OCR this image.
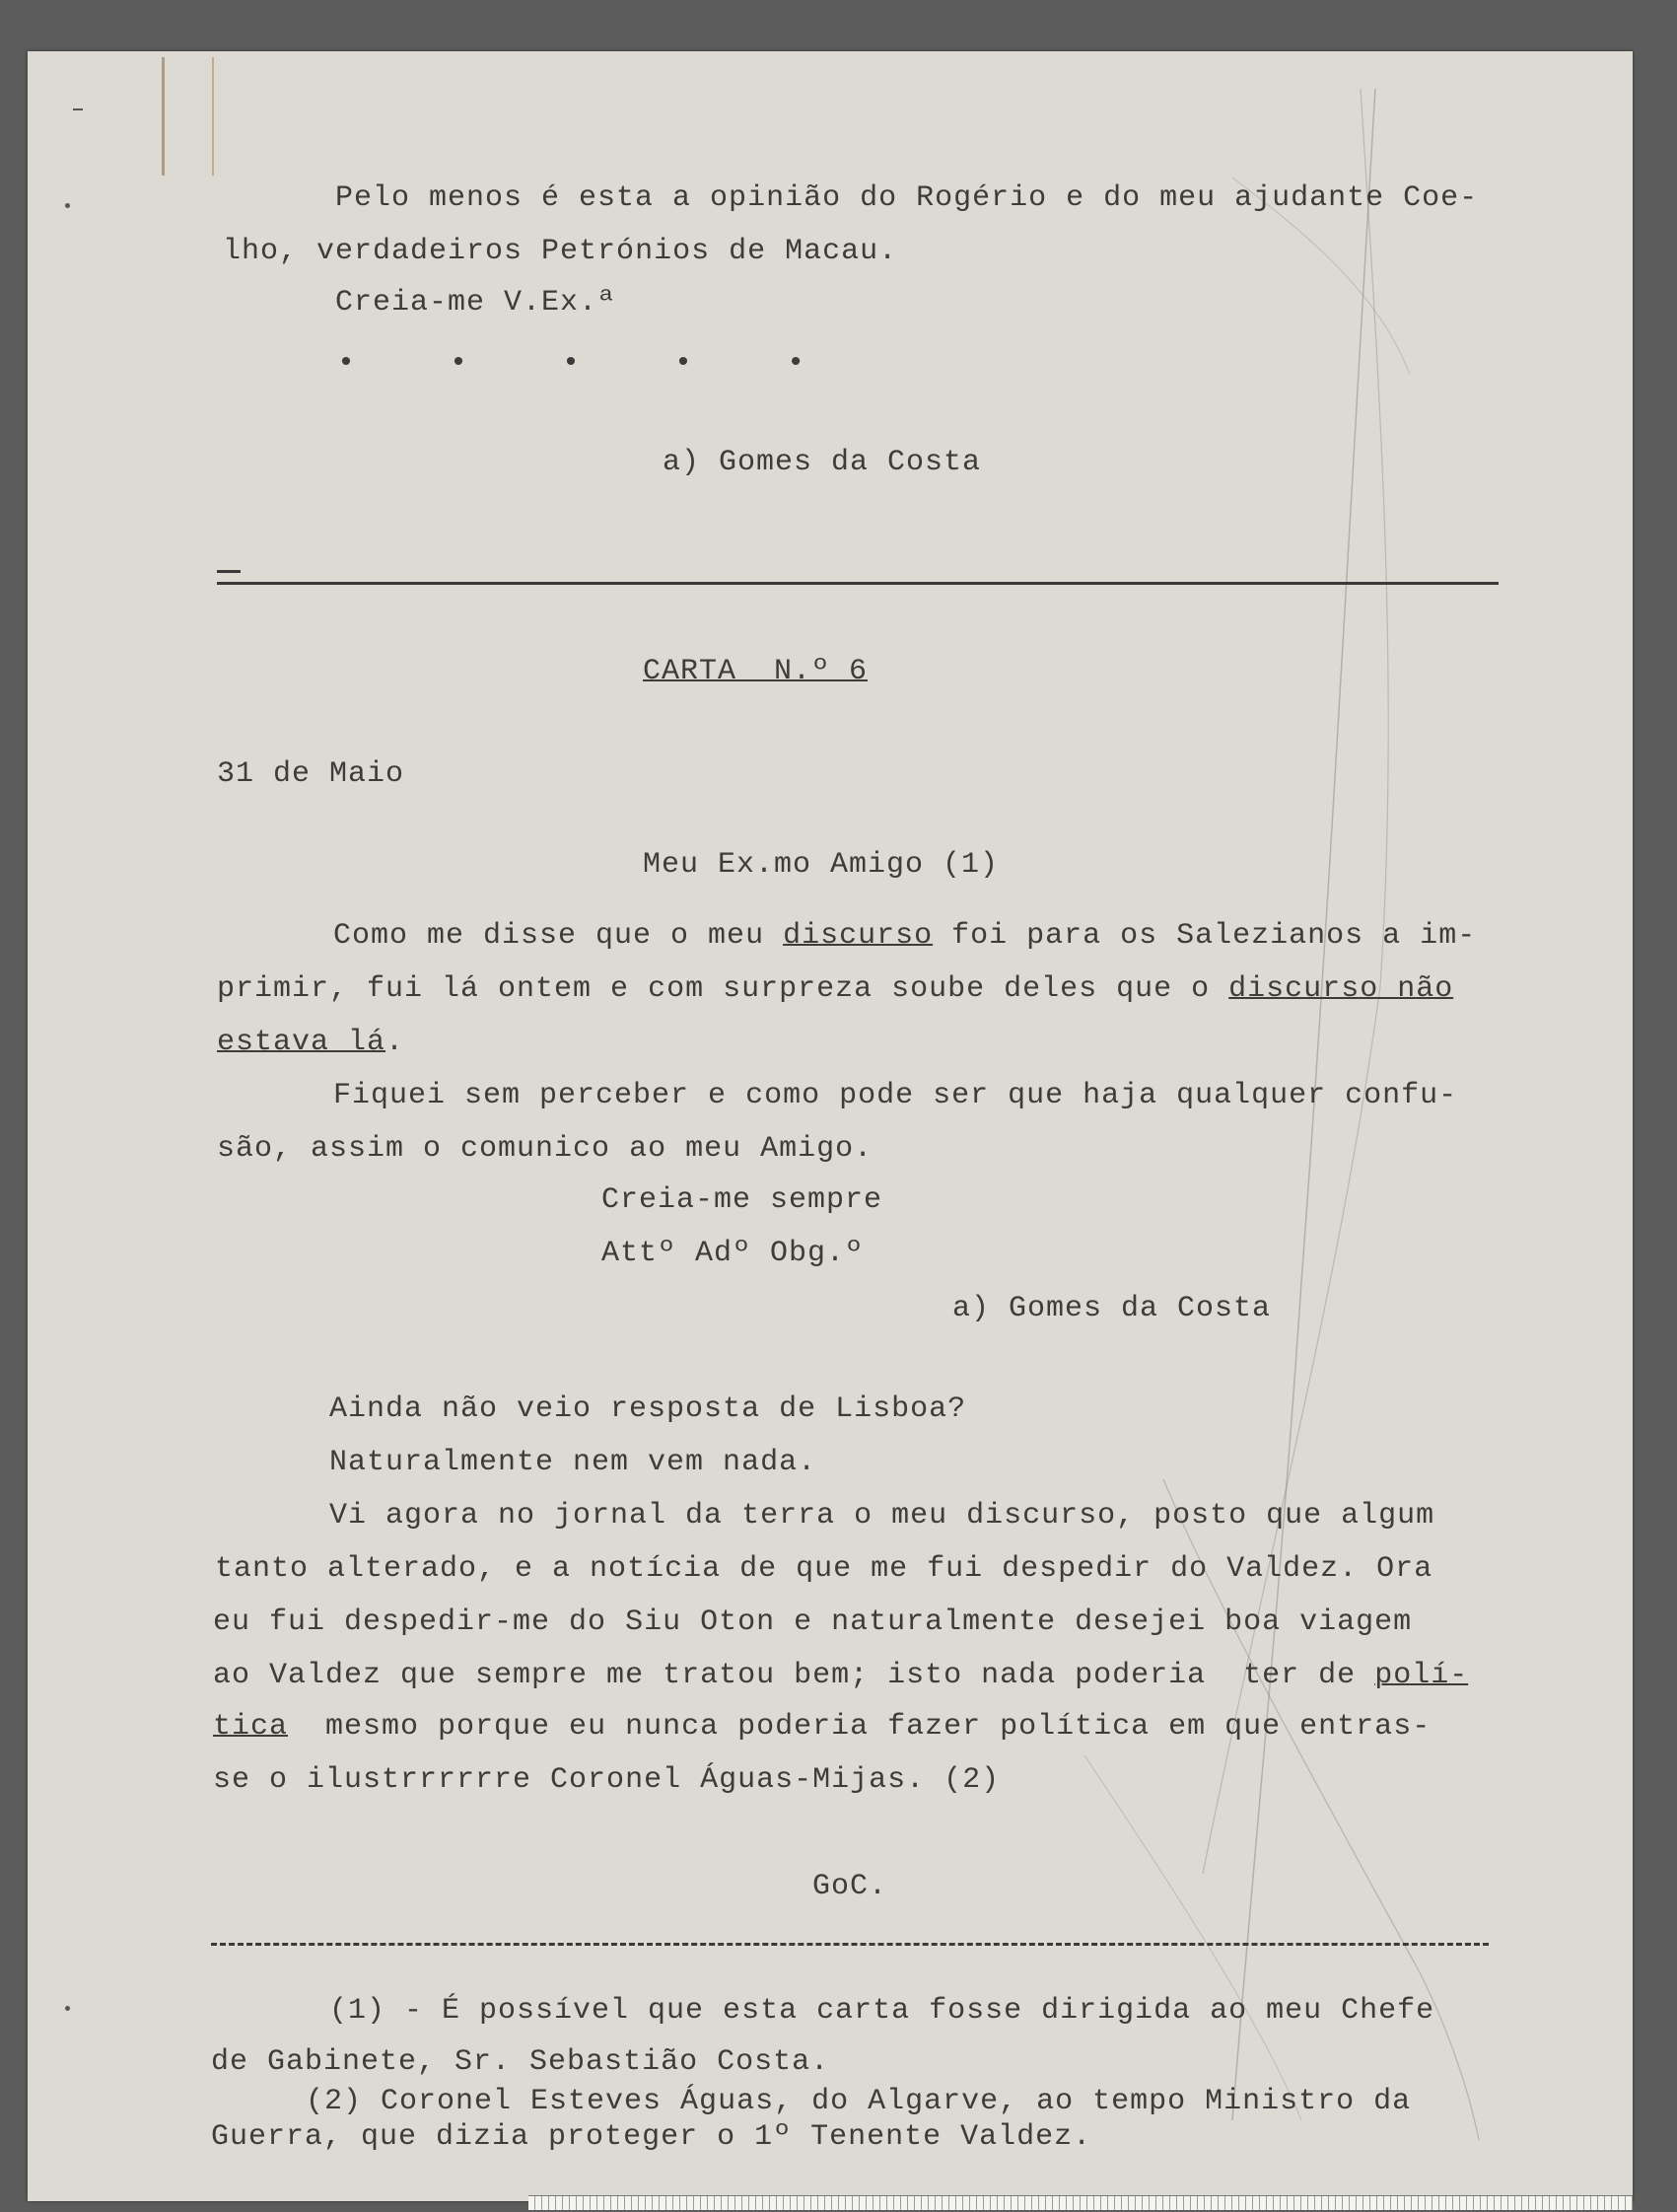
Pelo menos é esta a opinião do Rogério e do meu ajudante Coe-
lho, verdadeiros Petrónios de Macau.
Creia-me V.Ex.ª
•     •     •     •     •
a) Gomes da Costa
CARTA  N.º 6
31 de Maio
Meu Ex.mo Amigo (1)
Como me disse que o meu discurso foi para os Salezianos a im-
primir, fui lá ontem e com surpreza soube deles que o discurso não
estava lá.
Fiquei sem perceber e como pode ser que haja qualquer confu-
são, assim o comunico ao meu Amigo.
Creia-me sempre
Attº Adº Obg.º
a) Gomes da Costa
Ainda não veio resposta de Lisboa?
Naturalmente nem vem nada.
Vi agora no jornal da terra o meu discurso, posto que algum
tanto alterado, e a notícia de que me fui despedir do Valdez. Ora
eu fui despedir-me do Siu Oton e naturalmente desejei boa viagem
ao Valdez que sempre me tratou bem; isto nada poderia  ter de polí-
tica  mesmo porque eu nunca poderia fazer política em que entras-
se o ilustrrrrrre Coronel Águas-Mijas. (2)
GoC.
(1) - É possível que esta carta fosse dirigida ao meu Chefe
de Gabinete, Sr. Sebastião Costa.
(2) Coronel Esteves Águas, do Algarve, ao tempo Ministro da
Guerra, que dizia proteger o 1º Tenente Valdez.
